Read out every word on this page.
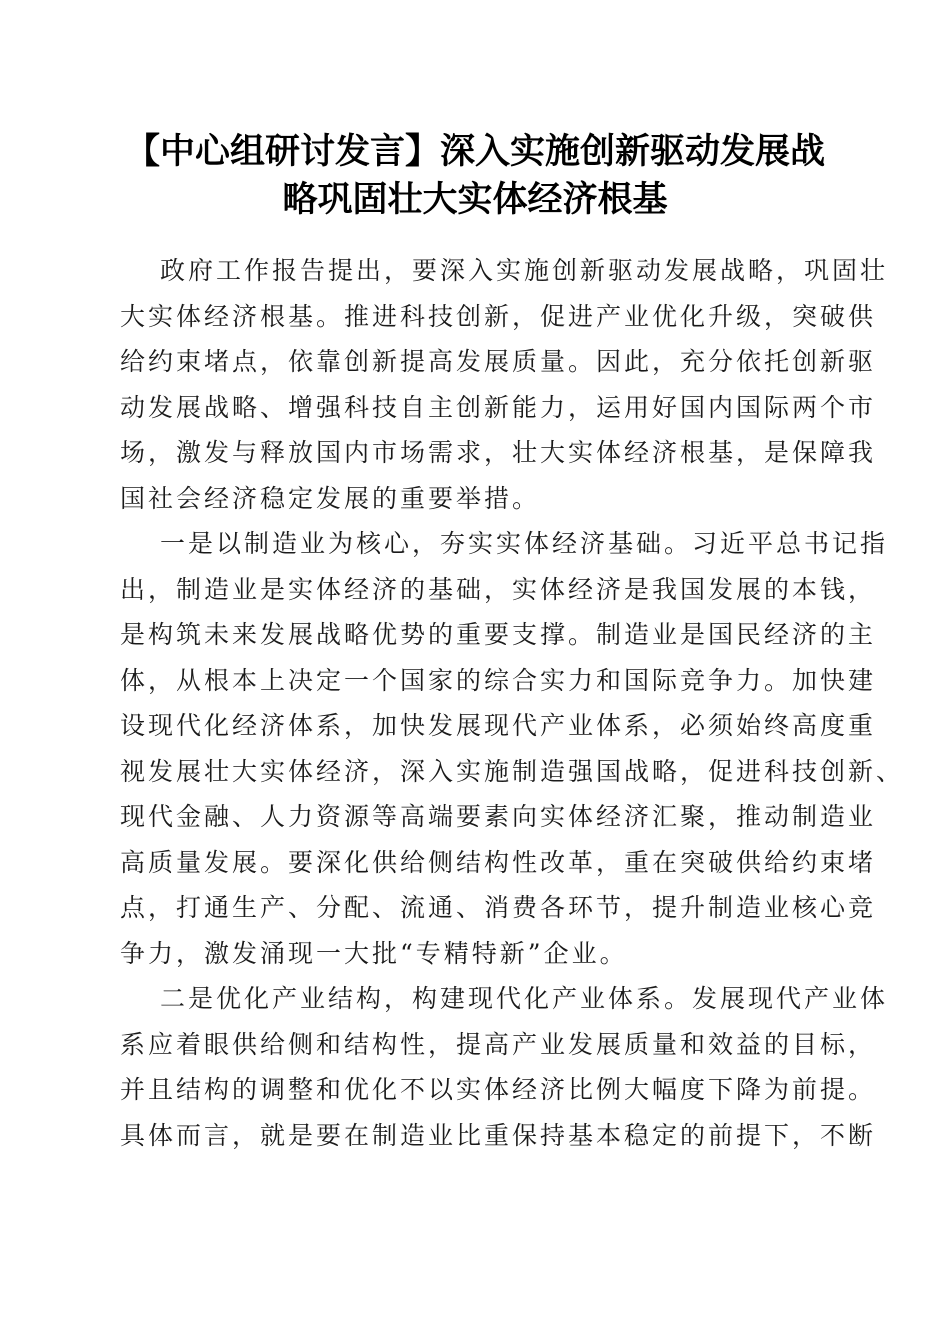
【中心组研讨发言】深入实施创新驱动发展战
略巩固壮大实体经济根基
政府工作报告提出，要深入实施创新驱动发展战略，巩固壮
大实体经济根基。推进科技创新，促进产业优化升级，突破供
给约束堵点，依靠创新提高发展质量。因此，充分依托创新驱
动发展战略、增强科技自主创新能力，运用好国内国际两个市
场，激发与释放国内市场需求，壮大实体经济根基，是保障我
国社会经济稳定发展的重要举措。
一是以制造业为核心，夯实实体经济基础。习近平总书记指
出，制造业是实体经济的基础，实体经济是我国发展的本钱，
是构筑未来发展战略优势的重要支撑。制造业是国民经济的主
体，从根本上决定一个国家的综合实力和国际竞争力。加快建
设现代化经济体系，加快发展现代产业体系，必须始终高度重
视发展壮大实体经济，深入实施制造强国战略，促进科技创新、
现代金融、人力资源等高端要素向实体经济汇聚，推动制造业
高质量发展。要深化供给侧结构性改革，重在突破供给约束堵
点，打通生产、分配、流通、消费各环节，提升制造业核心竞
争力，激发涌现一大批“专精特新”企业。
二是优化产业结构，构建现代化产业体系。发展现代产业体
系应着眼供给侧和结构性，提高产业发展质量和效益的目标，
并且结构的调整和优化不以实体经济比例大幅度下降为前提。
具体而言，就是要在制造业比重保持基本稳定的前提下，不断
